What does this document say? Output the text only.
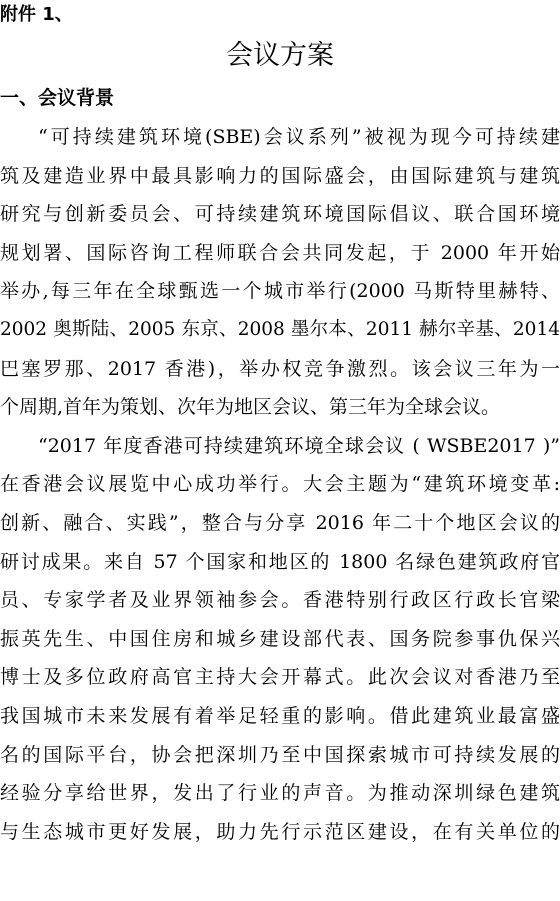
附件 1、
会议方案
一、会议背景
“可持续建筑环境(SBE)会议系列”被视为现今可持续建
筑及建造业界中最具影响力的国际盛会，由国际建筑与建筑
研究与创新委员会、可持续建筑环境国际倡议、联合国环境
规划署、国际咨询工程师联合会共同发起，于 2000 年开始
举办,每三年在全球甄选一个城市举行(2000 马斯特里赫特、
2002 奥斯陆、2005 东京、2008 墨尔本、2011 赫尔辛基、2014
巴塞罗那、2017 香港)，举办权竞争激烈。该会议三年为一
个周期,首年为策划、次年为地区会议、第三年为全球会议。
“2017 年度香港可持续建筑环境全球会议 ( WSBE2017 )”
在香港会议展览中心成功举行。大会主题为“建筑环境变革:
创新、融合、实践”，整合与分享 2016 年二十个地区会议的
研讨成果。来自 57 个国家和地区的 1800 名绿色建筑政府官
员、专家学者及业界领袖参会。香港特别行政区行政长官梁
振英先生、中国住房和城乡建设部代表、国务院参事仇保兴
博士及多位政府高官主持大会开幕式。此次会议对香港乃至
我国城市未来发展有着举足轻重的影响。借此建筑业最富盛
名的国际平台，协会把深圳乃至中国探索城市可持续发展的
经验分享给世界，发出了行业的声音。为推动深圳绿色建筑
与生态城市更好发展，助力先行示范区建设，在有关单位的
